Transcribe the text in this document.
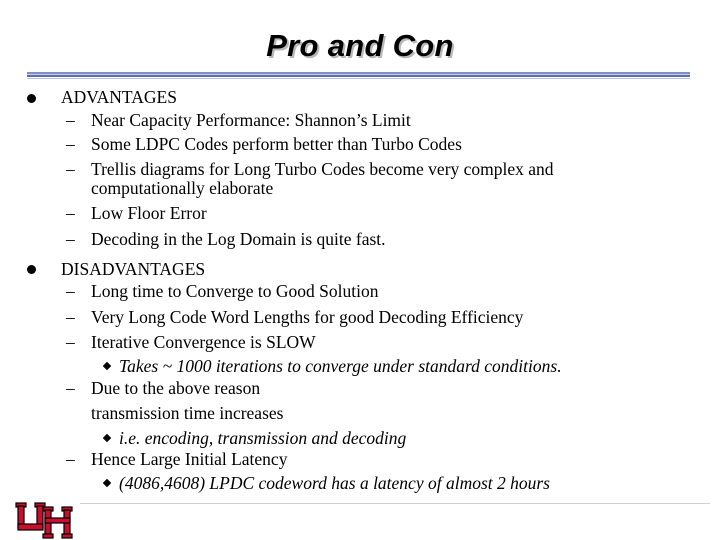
Pro and Con
ADVANTAGES
– Near Capacity Performance: Shannon’s Limit
– Some LDPC Codes perform better than Turbo Codes
– Trellis diagrams for Long Turbo Codes become very complex and
computationally elaborate
– Low Floor Error
– Decoding in the Log Domain is quite fast.
DISADVANTAGES
– Long time to Converge to Good Solution
– Very Long Code Word Lengths for good Decoding Efficiency
– Iterative Convergence is SLOW
Takes ~ 1000 iterations to converge under standard conditions.
– Due to the above reason
transmission time increases
i.e. encoding, transmission and decoding
– Hence Large Initial Latency
(4086,4608) LPDC codeword has a latency of almost 2 hours
